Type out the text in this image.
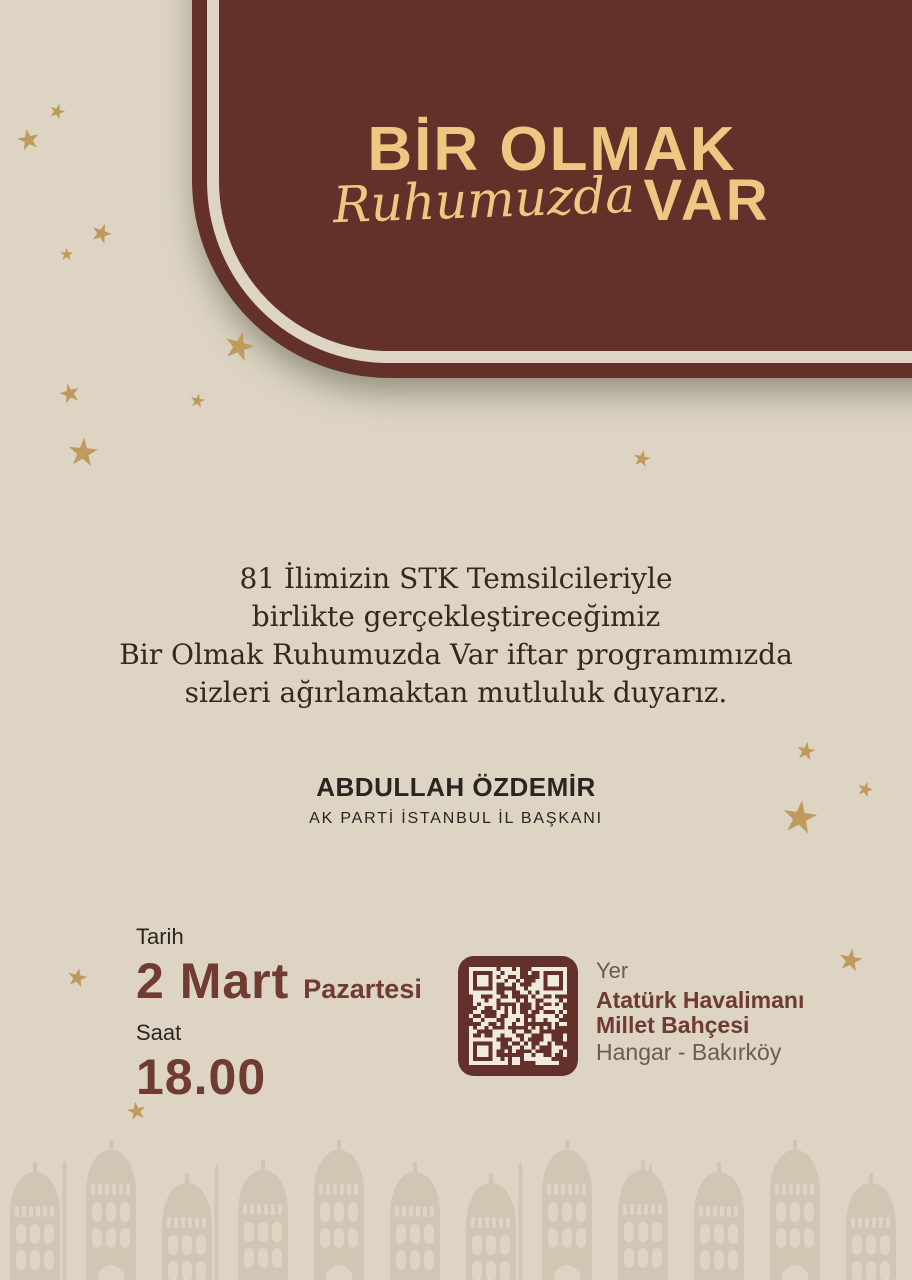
BİR OLMAK
Ruhumuzda VAR
★
★
★
★
★
★
★
★
★
★
★
★
★
★
★
81 İlimizin STK Temsilcileriyle
birlikte gerçekleştireceğimiz
Bir Olmak Ruhumuzda Var iftar programımızda
sizleri ağırlamaktan mutluluk duyarız.
ABDULLAH ÖZDEMİR
AK PARTİ İSTANBUL İL BAŞKANI
Tarih
2 Mart Pazartesi
Saat
18.00
Yer
Atatürk Havalimanı
Millet Bahçesi
Hangar - Bakırköy
